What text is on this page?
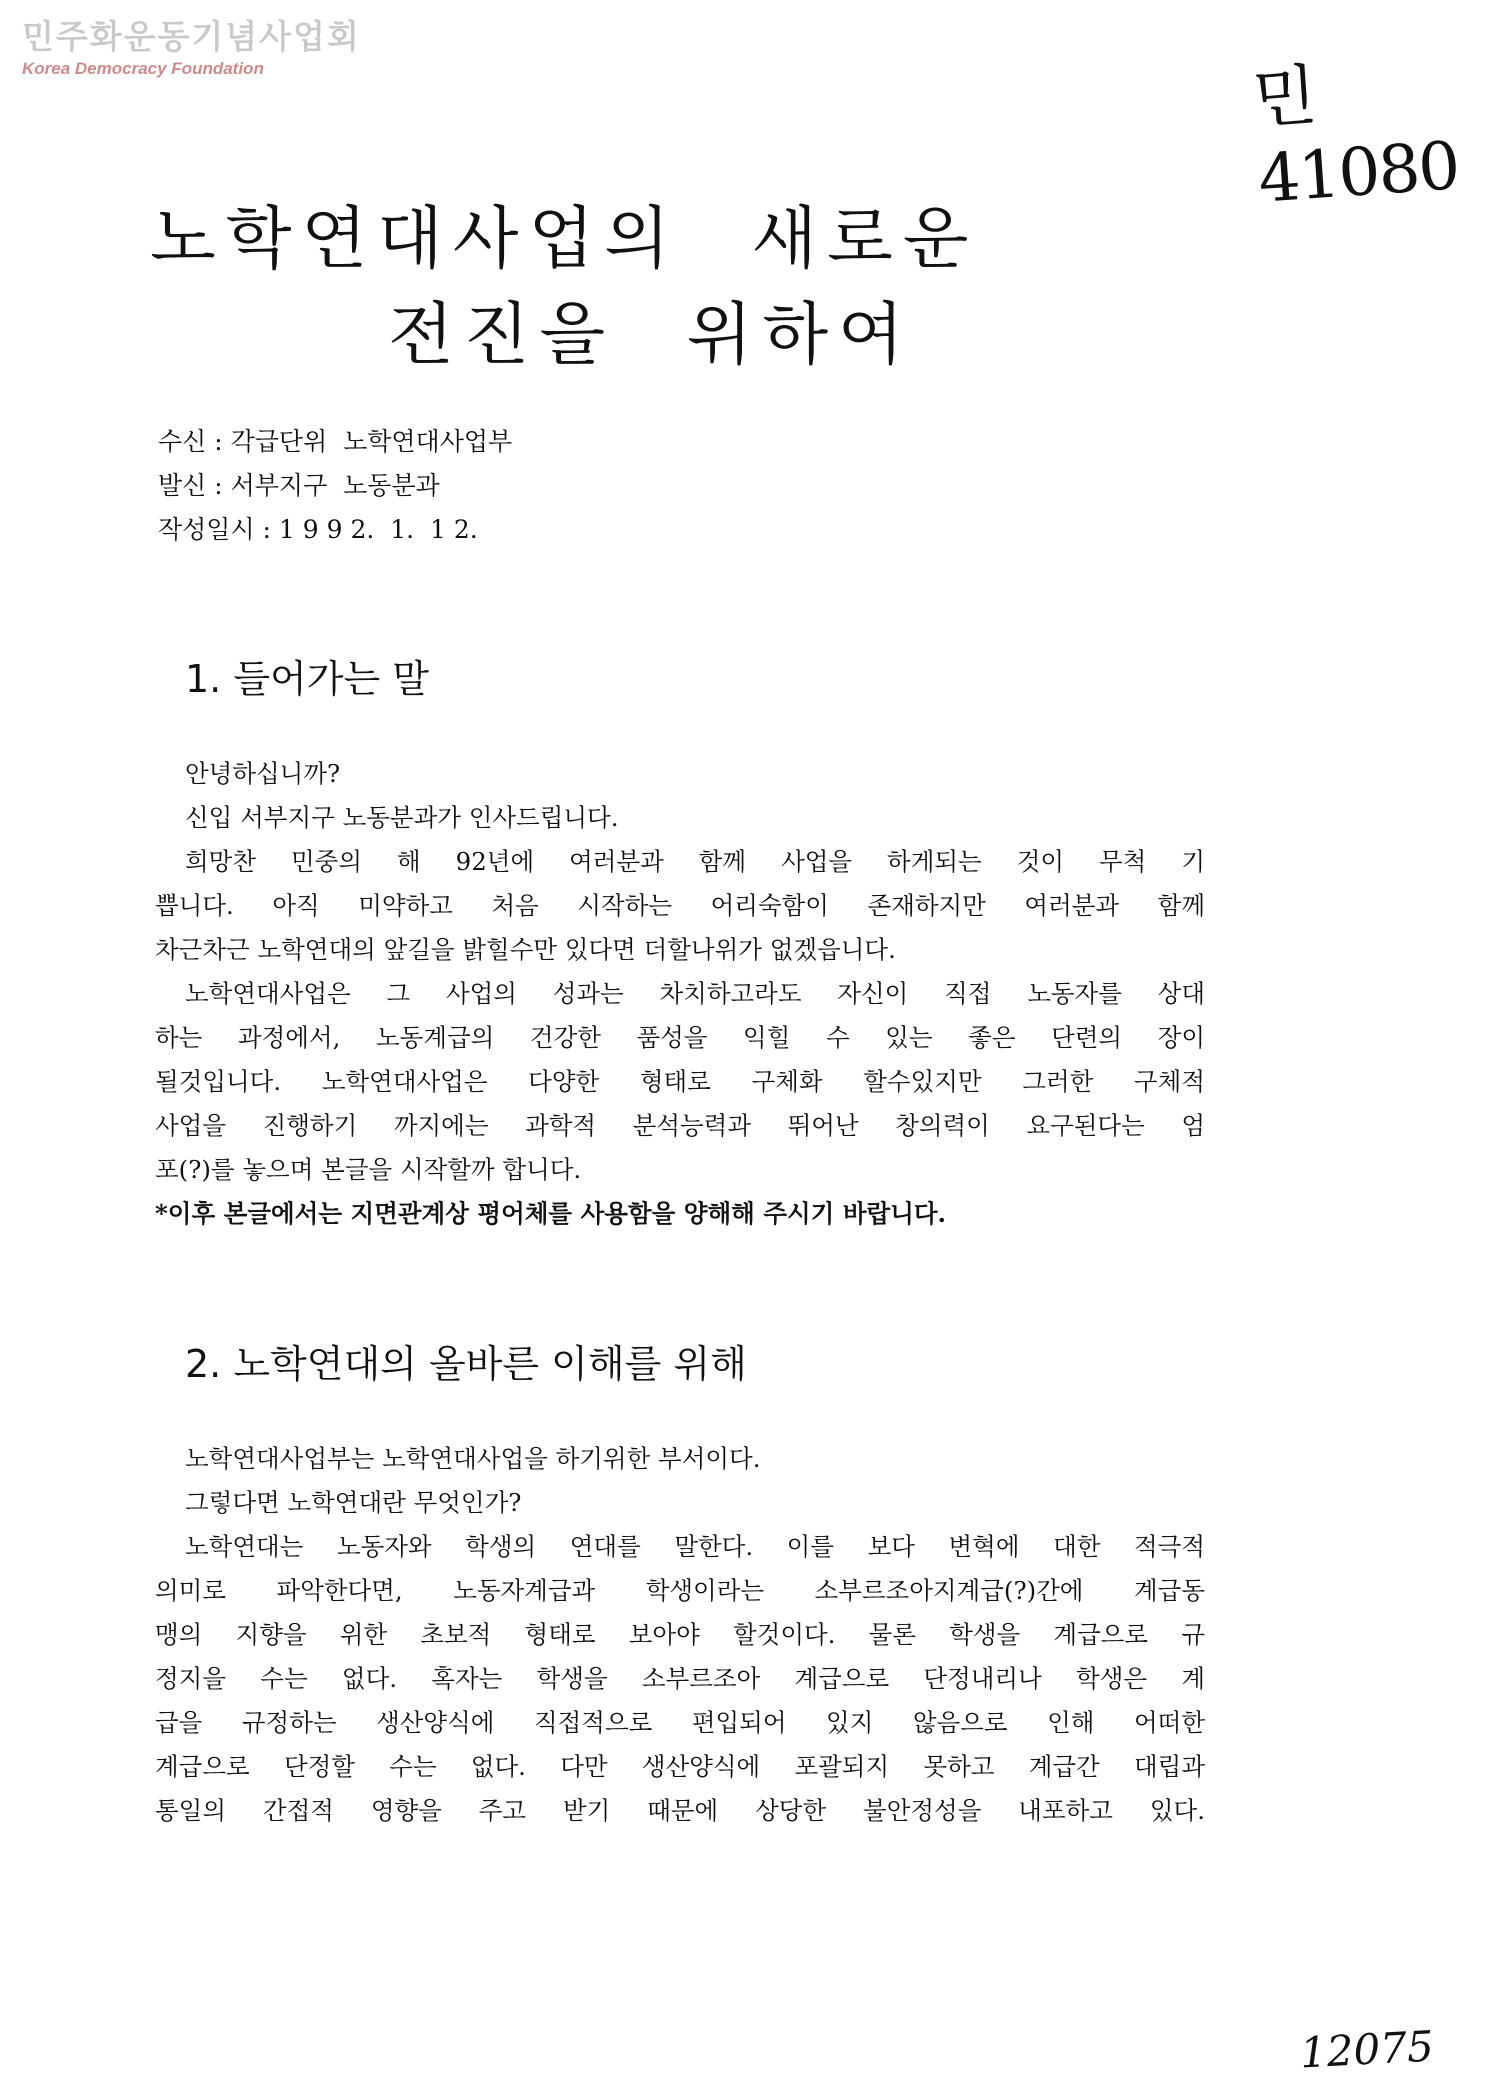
민주화운동기념사업회
Korea Democracy Foundation	민 41080
노학연대사업의 새로운
전진을 위하여
수신 : 각급단위  노학연대사업부
발신 : 서부지구  노동분과
작성일시 : 1 9 9 2.  1.  1 2.
1. 들어가는 말
안녕하십니까?
신입 서부지구 노동분과가 인사드립니다.
희망찬 민중의 해 92년에 여러분과 함께 사업을 하게되는 것이 무척 기
쁩니다. 아직 미약하고 처음 시작하는 어리숙함이 존재하지만 여러분과 함께
차근차근 노학연대의 앞길을 밝힐수만 있다면 더할나위가 없겠읍니다.
노학연대사업은 그 사업의 성과는 차치하고라도 자신이 직접 노동자를 상대
하는 과정에서, 노동계급의 건강한 품성을 익힐 수 있는 좋은 단련의 장이
될것입니다. 노학연대사업은 다양한 형태로 구체화 할수있지만 그러한 구체적
사업을 진행하기 까지에는 과학적 분석능력과 뛰어난 창의력이 요구된다는 엄
포(?)를 놓으며 본글을 시작할까 합니다.
*이후 본글에서는 지면관계상 평어체를 사용함을 양해해 주시기 바랍니다.
2. 노학연대의 올바른 이해를 위해
노학연대사업부는 노학연대사업을 하기위한 부서이다.
그렇다면 노학연대란 무엇인가?
노학연대는 노동자와 학생의 연대를 말한다. 이를 보다 변혁에 대한 적극적
의미로 파악한다면, 노동자계급과 학생이라는 소부르조아지계급(?)간에 계급동
맹의 지향을 위한 초보적 형태로 보아야 할것이다. 물론 학생을 계급으로 규
정지을 수는 없다. 혹자는 학생을 소부르조아 계급으로 단정내리나 학생은 계
급을 규정하는 생산양식에 직접적으로 편입되어 있지 않음으로 인해 어떠한
계급으로 단정할 수는 없다. 다만 생산양식에 포괄되지 못하고 계급간 대립과
통일의 간접적 영향을 주고 받기 때문에 상당한 불안정성을 내포하고 있다.
12075
